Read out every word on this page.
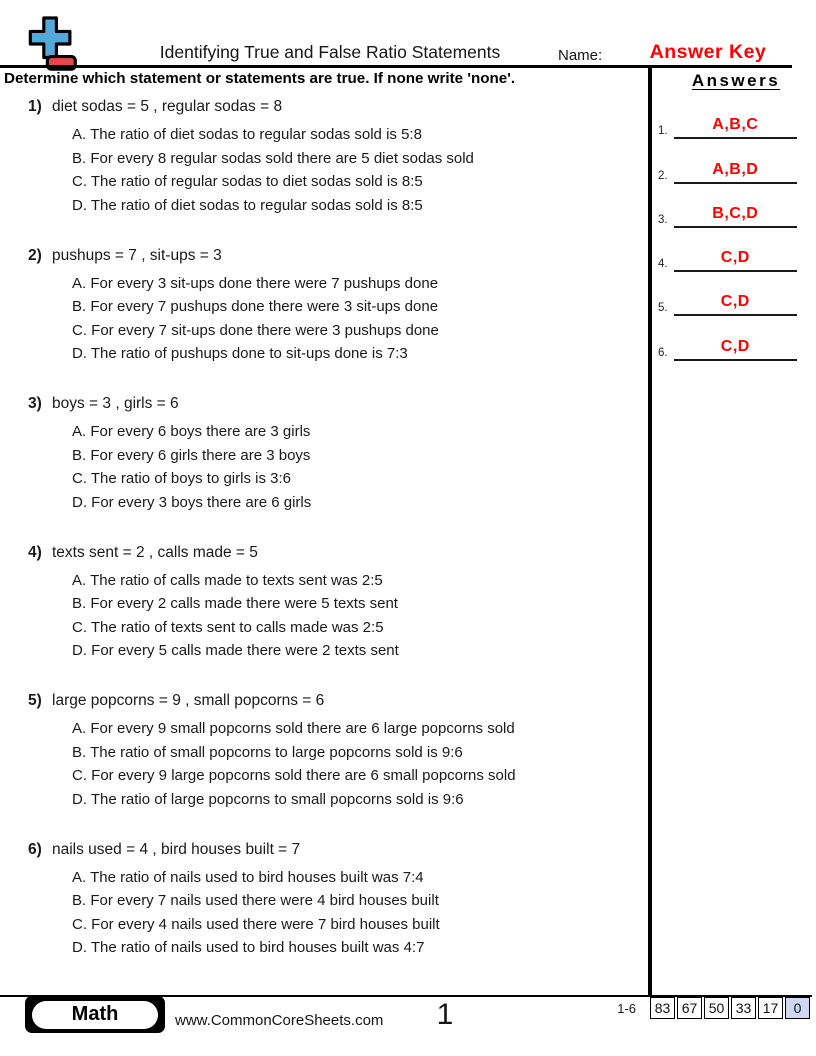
Identifying True and False Ratio Statements	Name:	Answer Key
Determine which statement or statements are true. If none write 'none'.
1) diet sodas = 5 , regular sodas = 8
A. The ratio of diet sodas to regular sodas sold is 5:8
B. For every 8 regular sodas sold there are 5 diet sodas sold
C. The ratio of regular sodas to diet sodas sold is 8:5
D. The ratio of diet sodas to regular sodas sold is 8:5
2) pushups = 7 , sit-ups = 3
A. For every 3 sit-ups done there were 7 pushups done
B. For every 7 pushups done there were 3 sit-ups done
C. For every 7 sit-ups done there were 3 pushups done
D. The ratio of pushups done to sit-ups done is 7:3
3) boys = 3 , girls = 6
A. For every 6 boys there are 3 girls
B. For every 6 girls there are 3 boys
C. The ratio of boys to girls is 3:6
D. For every 3 boys there are 6 girls
4) texts sent = 2 , calls made = 5
A. The ratio of calls made to texts sent was 2:5
B. For every 2 calls made there were 5 texts sent
C. The ratio of texts sent to calls made was 2:5
D. For every 5 calls made there were 2 texts sent
5) large popcorns = 9 , small popcorns = 6
A. For every 9 small popcorns sold there are 6 large popcorns sold
B. The ratio of small popcorns to large popcorns sold is 9:6
C. For every 9 large popcorns sold there are 6 small popcorns sold
D. The ratio of large popcorns to small popcorns sold is 9:6
6) nails used = 4 , bird houses built = 7
A. The ratio of nails used to bird houses built was 7:4
B. For every 7 nails used there were 4 bird houses built
C. For every 4 nails used there were 7 bird houses built
D. The ratio of nails used to bird houses built was 4:7
Answers
1.	A,B,C
2.	A,B,D
3.	B,C,D
4.	C,D
5.	C,D
6.	C,D
Math	www.CommonCoreSheets.com	1	1-6	83 67 50 33 17	0
